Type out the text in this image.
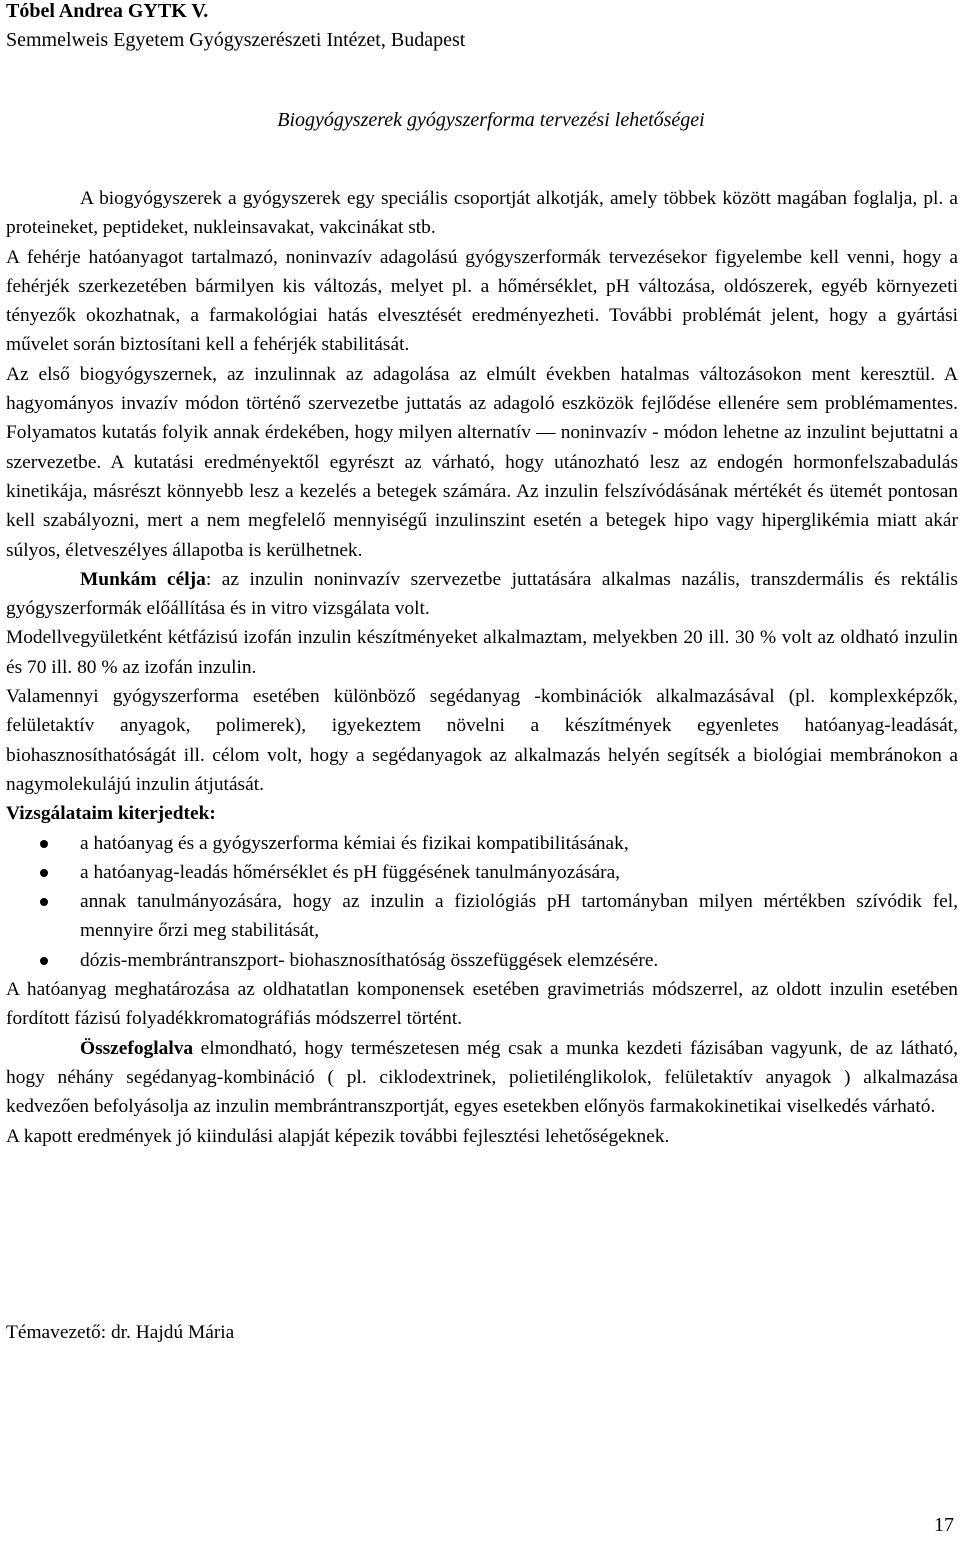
Tóbel Andrea GYTK V.
Semmelweis Egyetem Gyógyszerészeti Intézet, Budapest
Biogyógyszerek gyógyszerforma tervezési lehetőségei

A biogyógyszerek a gyógyszerek egy speciális csoportját alkotják, amely többek között magában foglalja, pl. a proteineket, peptideket, nukleinsavakat, vakcinákat stb.

A fehérje hatóanyagot tartalmazó, noninvazív adagolású gyógyszerformák tervezésekor figyelembe kell venni, hogy a fehérjék szerkezetében bármilyen kis változás, melyet pl. a hőmérséklet, pH változása, oldószerek, egyéb környezeti tényezők okozhatnak, a farmakológiai hatás elvesztését eredményezheti. További problémát jelent, hogy a gyártási művelet során biztosítani kell a fehérjék stabilitását.

Az első biogyógyszernek, az inzulinnak az adagolása az elmúlt években hatalmas változásokon ment keresztül. A hagyományos invazív módon történő szervezetbe juttatás az adagoló eszközök fejlődése ellenére sem problémamentes. Folyamatos kutatás folyik annak érdekében, hogy milyen alternatív — noninvazív - módon lehetne az inzulint bejuttatni a szervezetbe. A kutatási eredményektől egyrészt az várható, hogy utánozható lesz az endogén hormonfelszabadulás kinetikája, másrészt könnyebb lesz a kezelés a betegek számára. Az inzulin felszívódásának mértékét és ütemét pontosan kell szabályozni, mert a nem megfelelő mennyiségű inzulinszint esetén a betegek hipo vagy hiperglikémia miatt akár súlyos, életveszélyes állapotba is kerülhetnek.

Munkám célja: az inzulin noninvazív szervezetbe juttatására alkalmas nazális, transzdermális és rektális gyógyszerformák előállítása és in vitro vizsgálata volt.

Modellvegyületként kétfázisú izofán inzulin készítményeket alkalmaztam, melyekben 20 ill. 30 % volt az oldható inzulin és 70 ill. 80 % az izofán inzulin.

Valamennyi gyógyszerforma esetében különböző segédanyag -kombinációk alkalmazásával (pl. komplexképzők, felületaktív anyagok, polimerek), igyekeztem növelni a készítmények egyenletes hatóanyag-leadását, biohasznosíthatóságát ill. célom volt, hogy a segédanyagok az alkalmazás helyén segítsék a biológiai membránokon a nagymolekulájú inzulin átjutását.

Vizsgálataim kiterjedtek:

a hatóanyag és a gyógyszerforma kémiai és fizikai kompatibilitásának,
a hatóanyag-leadás hőmérséklet és pH függésének tanulmányozására,
annak tanulmányozására, hogy az inzulin a fiziológiás pH tartományban milyen mértékben szívódik fel, mennyire őrzi meg stabilitását,
dózis-membrántranszport- biohasznosíthatóság összefüggések elemzésére.

A hatóanyag meghatározása az oldhatatlan komponensek esetében gravimetriás módszerrel, az oldott inzulin esetében fordított fázisú folyadékkromatográfiás módszerrel történt.

Összefoglalva elmondható, hogy természetesen még csak a munka kezdeti fázisában vagyunk, de az látható, hogy néhány segédanyag-kombináció ( pl. ciklodextrinek, polietilénglikolok, felületaktív anyagok ) alkalmazása kedvezően befolyásolja az inzulin membrántranszportját, egyes esetekben előnyös farmakokinetikai viselkedés várható.

A kapott eredmények jó kiindulási alapját képezik további fejlesztési lehetőségeknek.

Témavezető: dr. Hajdú Mária
17
